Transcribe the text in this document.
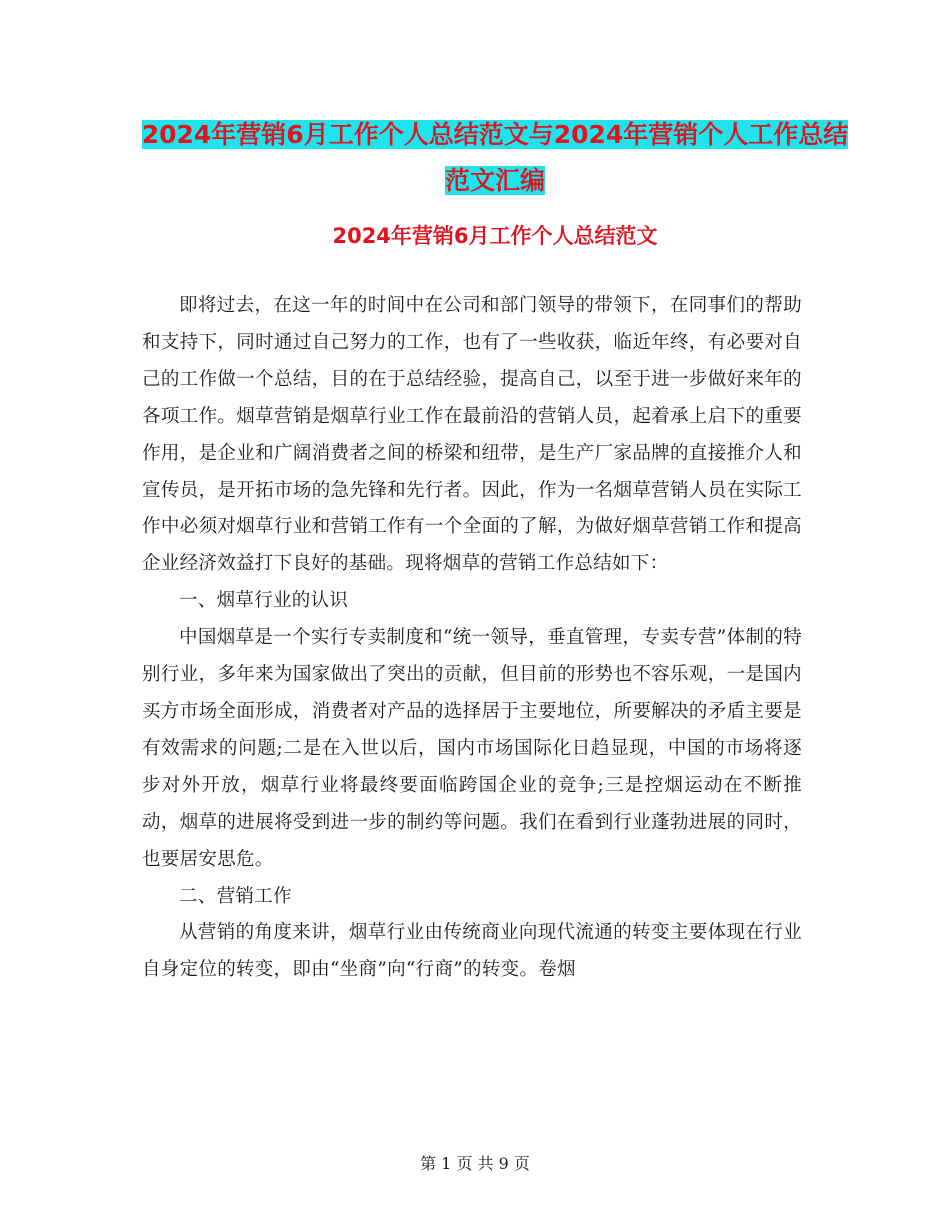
2024年营销6月工作个人总结范文与2024年营销个人工作总结范文汇编
2024年营销6月工作个人总结范文

即将过去，在这一年的时间中在公司和部门领导的带领下，在同事们的帮助和支持下，同时通过自己努力的工作，也有了一些收获，临近年终，有必要对自己的工作做一个总结，目的在于总结经验，提高自己，以至于进一步做好来年的各项工作。烟草营销是烟草行业工作在最前沿的营销人员，起着承上启下的重要作用，是企业和广阔消费者之间的桥梁和纽带，是生产厂家品牌的直接推介人和宣传员，是开拓市场的急先锋和先行者。因此，作为一名烟草营销人员在实际工作中必须对烟草行业和营销工作有一个全面的了解，为做好烟草营销工作和提高企业经济效益打下良好的基础。现将烟草的营销工作总结如下：

一、烟草行业的认识

中国烟草是一个实行专卖制度和“统一领导，垂直管理，专卖专营”体制的特别行业，多年来为国家做出了突出的贡献，但目前的形势也不容乐观，一是国内买方市场全面形成，消费者对产品的选择居于主要地位，所要解决的矛盾主要是有效需求的问题;二是在入世以后，国内市场国际化日趋显现，中国的市场将逐步对外开放，烟草行业将最终要面临跨国企业的竞争;三是控烟运动在不断推动，烟草的进展将受到进一步的制约等问题。我们在看到行业蓬勃进展的同时，也要居安思危。

二、营销工作

从营销的角度来讲，烟草行业由传统商业向现代流通的转变主要体现在行业自身定位的转变，即由“坐商”向“行商”的转变。卷烟

第 1 页 共 9 页
